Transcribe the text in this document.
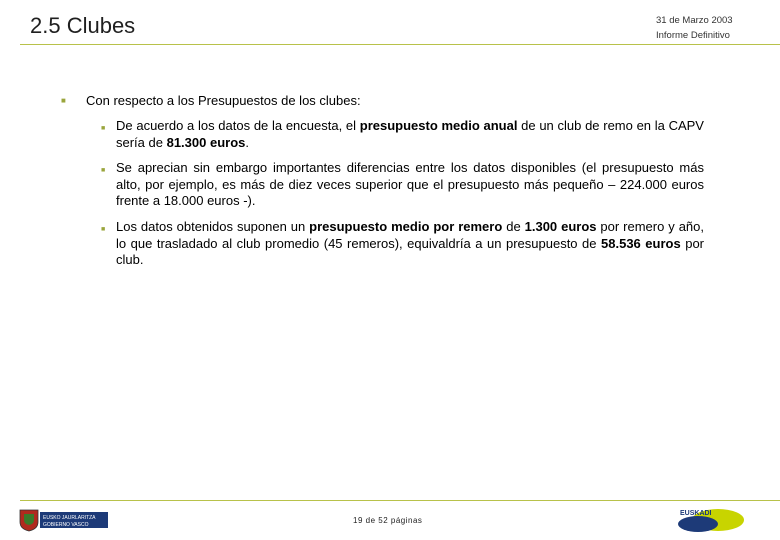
2.5 Clubes	31 de Marzo 2003
Informe Definitivo
■ Con respecto a los Presupuestos de los clubes:
■ De acuerdo a los datos de la encuesta, el presupuesto medio anual de un club de remo en la CAPV sería de 81.300 euros.

■ Se aprecian sin embargo importantes diferencias entre los datos disponibles (el presupuesto más alto, por ejemplo, es más de diez veces superior que el presupuesto más pequeño – 224.000 euros frente a 18.000 euros -).

■ Los datos obtenidos suponen un presupuesto medio por remero de 1.300 euros por remero y año, lo que trasladado al club promedio (45 remeros), equivaldría a un presupuesto de 58.536 euros por club.

EUSKO JAURLARITZA
GOBIERNO VASCO	19 de 52 páginas
EUSKADI
